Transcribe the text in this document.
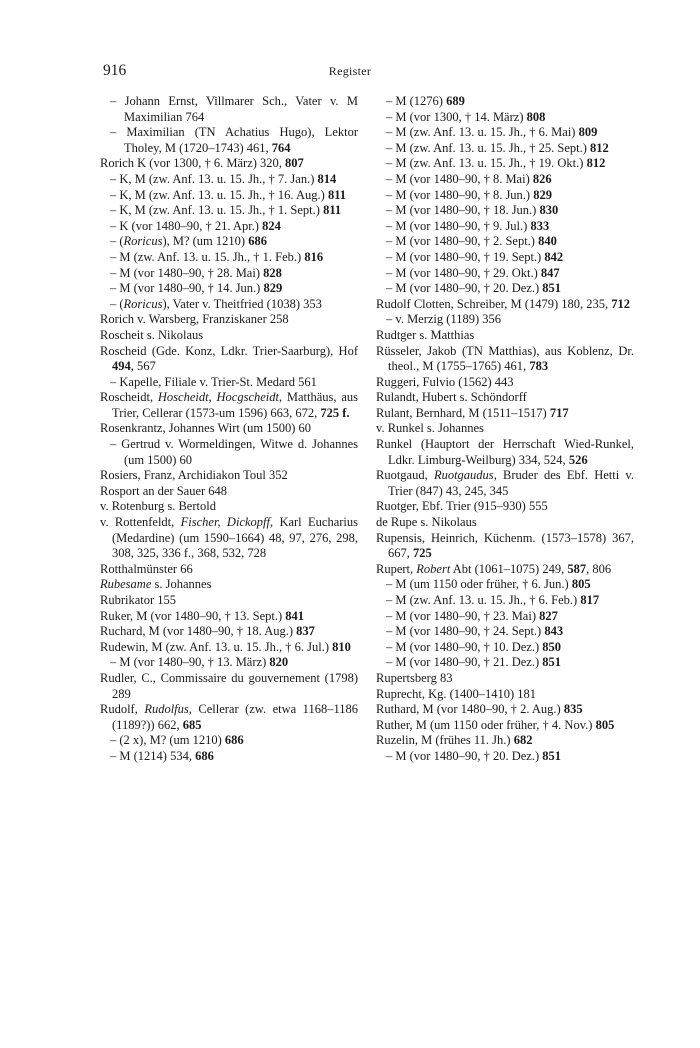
916	Register

– Johann Ernst, Villmarer Sch., Vater v. M Maximilian 764

– Maximilian (TN Achatius Hugo), Lektor Tholey, M (1720–1743) 461, 764

Rorich K (vor 1300, † 6. März) 320, 807

– K, M (zw. Anf. 13. u. 15. Jh., † 7. Jan.) 814

– K, M (zw. Anf. 13. u. 15. Jh., † 16. Aug.) 811

– K, M (zw. Anf. 13. u. 15. Jh., † 1. Sept.) 811

– K (vor 1480–90, † 21. Apr.) 824

– (Roricus), M? (um 1210) 686

– M (zw. Anf. 13. u. 15. Jh., † 1. Feb.) 816

– M (vor 1480–90, † 28. Mai) 828

– M (vor 1480–90, † 14. Jun.) 829

– (Roricus), Vater v. Theitfried (1038) 353

Rorich v. Warsberg, Franziskaner 258

Roscheit s. Nikolaus

Roscheid (Gde. Konz, Ldkr. Trier-Saarburg), Hof 494, 567

– Kapelle, Filiale v. Trier-St. Medard 561

Roscheidt, Hoscheidt, Hocgscheidt, Matthäus, aus Trier, Cellerar (1573-um 1596) 663, 672, 725 f.

Rosenkrantz, Johannes Wirt (um 1500) 60

– Gertrud v. Wormeldingen, Witwe d. Johannes (um 1500) 60

Rosiers, Franz, Archidiakon Toul 352

Rosport an der Sauer 648

v. Rotenburg s. Bertold

v. Rottenfeldt, Fischer, Dickopff, Karl Eucharius (Medardine) (um 1590–1664) 48, 97, 276, 298, 308, 325, 336 f., 368, 532, 728

Rotthalmünster 66

Rubesame s. Johannes

Rubrikator 155

Ruker, M (vor 1480–90, † 13. Sept.) 841

Ruchard, M (vor 1480–90, † 18. Aug.) 837

Rudewin, M (zw. Anf. 13. u. 15. Jh., † 6. Jul.) 810

– M (vor 1480–90, † 13. März) 820

Rudler, C., Commissaire du gouvernement (1798) 289

Rudolf, Rudolfus, Cellerar (zw. etwa 1168–1186 (1189?)) 662, 685

– (2 x), M? (um 1210) 686

– M (1214) 534, 686

– M (1276) 689

– M (vor 1300, † 14. März) 808

– M (zw. Anf. 13. u. 15. Jh., † 6. Mai) 809

– M (zw. Anf. 13. u. 15. Jh., † 25. Sept.) 812

– M (zw. Anf. 13. u. 15. Jh., † 19. Okt.) 812

– M (vor 1480–90, † 8. Mai) 826

– M (vor 1480–90, † 8. Jun.) 829

– M (vor 1480–90, † 18. Jun.) 830

– M (vor 1480–90, † 9. Jul.) 833

– M (vor 1480–90, † 2. Sept.) 840

– M (vor 1480–90, † 19. Sept.) 842

– M (vor 1480–90, † 29. Okt.) 847

– M (vor 1480–90, † 20. Dez.) 851

Rudolf Clotten, Schreiber, M (1479) 180, 235, 712

– v. Merzig (1189) 356

Rudtger s. Matthias

Rüsseler, Jakob (TN Matthias), aus Koblenz, Dr. theol., M (1755–1765) 461, 783

Ruggeri, Fulvio (1562) 443

Rulandt, Hubert s. Schöndorff

Rulant, Bernhard, M (1511–1517) 717

v. Runkel s. Johannes

Runkel (Hauptort der Herrschaft Wied-Runkel, Ldkr. Limburg-Weilburg) 334, 524, 526

Ruotgaud, Ruotgaudus, Bruder des Ebf. Hetti v. Trier (847) 43, 245, 345

Ruotger, Ebf. Trier (915–930) 555

de Rupe s. Nikolaus

Rupensis, Heinrich, Küchenm. (1573–1578) 367, 667, 725

Rupert, Robert Abt (1061–1075) 249, 587, 806

– M (um 1150 oder früher, † 6. Jun.) 805

– M (zw. Anf. 13. u. 15. Jh., † 6. Feb.) 817

– M (vor 1480–90, † 23. Mai) 827

– M (vor 1480–90, † 24. Sept.) 843

– M (vor 1480–90, † 10. Dez.) 850

– M (vor 1480–90, † 21. Dez.) 851

Rupertsberg 83

Ruprecht, Kg. (1400–1410) 181

Ruthard, M (vor 1480–90, † 2. Aug.) 835

Ruther, M (um 1150 oder früher, † 4. Nov.) 805

Ruzelin, M (frühes 11. Jh.) 682

– M (vor 1480–90, † 20. Dez.) 851
